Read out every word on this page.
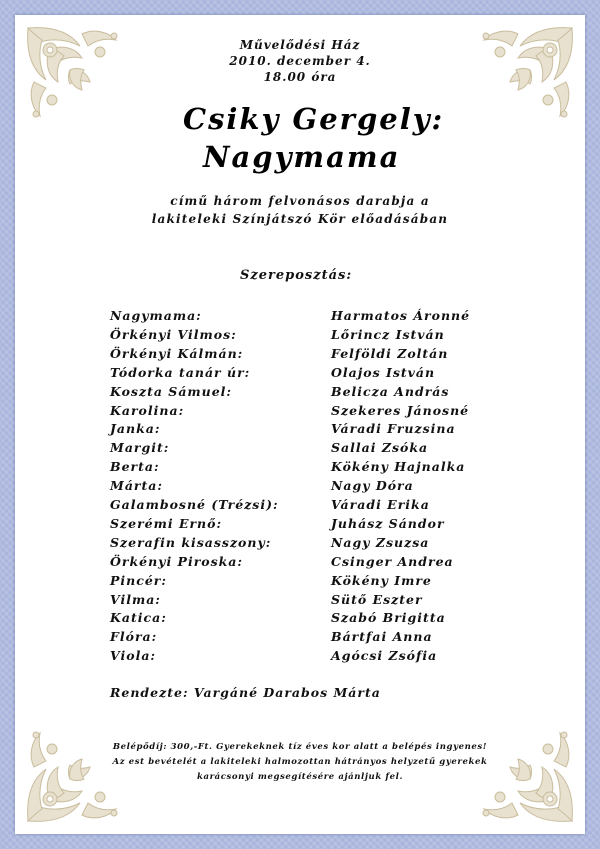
Művelődési Ház
2010. december 4.
18.00 óra
Csiky Gergely:
Nagymama
című három felvonásos darabja a
lakiteleki Színjátszó Kör előadásában
Szereposztás:
Nagymama:	Harmatos Áronné
Örkényi Vilmos:	Lőrincz István
Örkényi Kálmán:	Felföldi Zoltán
Tódorka tanár úr:	Olajos István
Koszta Sámuel:	Belicza András
Karolina:	Szekeres Jánosné
Janka:	Váradi Fruzsina
Margit:	Sallai Zsóka
Berta:	Kökény Hajnalka
Márta:	Nagy Dóra
Galambosné (Trézsi):	Váradi Erika
Szerémi Ernő:	Juhász Sándor
Szerafin kisasszony:	Nagy Zsuzsa
Örkényi Piroska:	Csinger Andrea
Pincér:	Kökény Imre
Vilma:	Sütő Eszter
Katica:	Szabó Brigitta
Flóra:	Bártfai Anna
Viola:	Agócsi Zsófia
Rendezte: Vargáné Darabos Márta
Belépődíj: 300,-Ft. Gyerekeknek tíz éves kor alatt a belépés ingyenes!
Az est bevételét a lakiteleki halmozottan hátrányos helyzetű gyerekek
karácsonyi megsegítésére ajánljuk fel.
